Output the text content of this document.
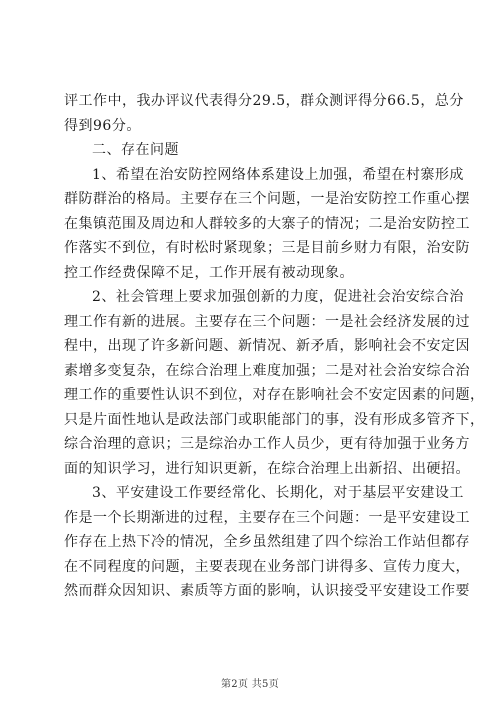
评工作中，我办评议代表得分29.5，群众测评得分66.5，总分
得到96分。
二、存在问题
1、希望在治安防控网络体系建设上加强，希望在村寨形成
群防群治的格局。主要存在三个问题，一是治安防控工作重心摆
在集镇范围及周边和人群较多的大寨子的情况；二是治安防控工
作落实不到位，有时松时紧现象；三是目前乡财力有限，治安防
控工作经费保障不足，工作开展有被动现象。
2、社会管理上要求加强创新的力度，促进社会治安综合治
理工作有新的进展。主要存在三个问题：一是社会经济发展的过
程中，出现了许多新问题、新情况、新矛盾，影响社会不安定因
素增多变复杂，在综合治理上难度加强；二是对社会治安综合治
理工作的重要性认识不到位，对存在影响社会不安定因素的问题，
只是片面性地认是政法部门或职能部门的事，没有形成多管齐下，
综合治理的意识；三是综治办工作人员少，更有待加强于业务方
面的知识学习，进行知识更新，在综合治理上出新招、出硬招。
3、平安建设工作要经常化、长期化，对于基层平安建设工
作是一个长期渐进的过程，主要存在三个问题：一是平安建设工
作存在上热下冷的情况，全乡虽然组建了四个综治工作站但都存
在不同程度的问题，主要表现在业务部门讲得多、宣传力度大，
然而群众因知识、素质等方面的影响，认识接受平安建设工作要
第2页 共5页
